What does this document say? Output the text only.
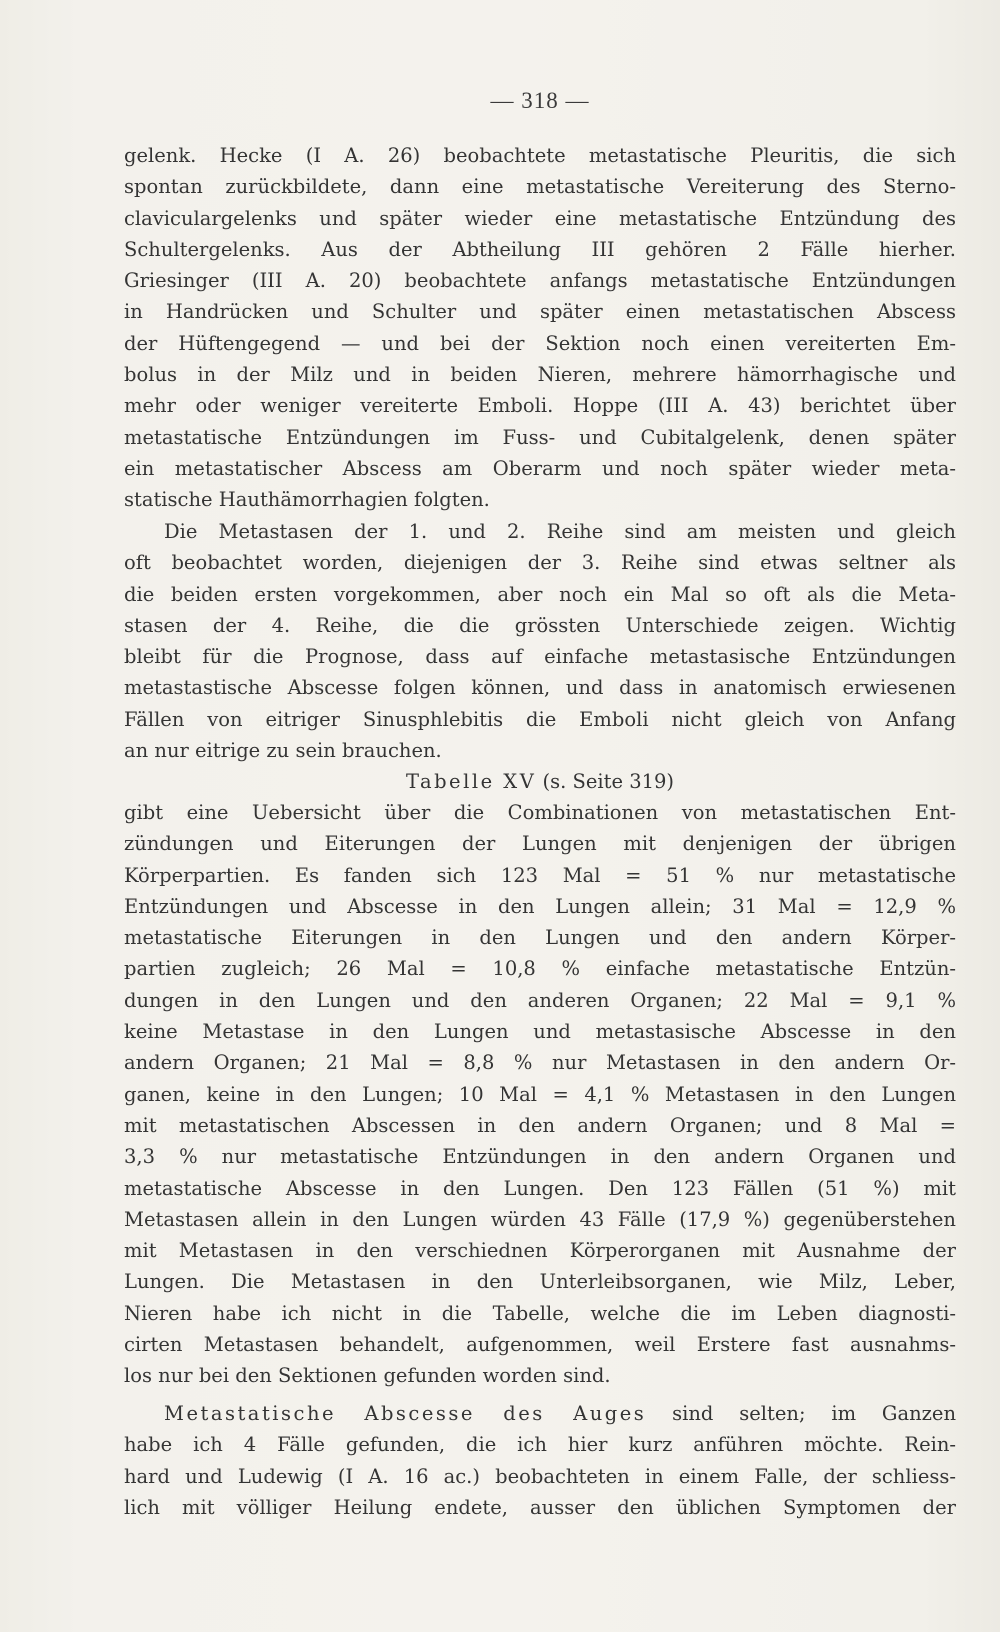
— 318 —
gelenk. Hecke (I A. 26) beobachtete metastatische Pleuritis, die sich
spontan zurückbildete, dann eine metastatische Vereiterung des Sterno-
claviculargelenks und später wieder eine metastatische Entzündung des
Schultergelenks. Aus der Abtheilung III gehören 2 Fälle hierher.
Griesinger (III A. 20) beobachtete anfangs metastatische Entzündungen
in Handrücken und Schulter und später einen metastatischen Abscess
der Hüftengegend — und bei der Sektion noch einen vereiterten Em-
bolus in der Milz und in beiden Nieren, mehrere hämorrhagische und
mehr oder weniger vereiterte Emboli. Hoppe (III A. 43) berichtet über
metastatische Entzündungen im Fuss- und Cubitalgelenk, denen später
ein metastatischer Abscess am Oberarm und noch später wieder meta-
statische Hauthämorrhagien folgten.
Die Metastasen der 1. und 2. Reihe sind am meisten und gleich
oft beobachtet worden, diejenigen der 3. Reihe sind etwas seltner als
die beiden ersten vorgekommen, aber noch ein Mal so oft als die Meta-
stasen der 4. Reihe, die die grössten Unterschiede zeigen. Wichtig
bleibt für die Prognose, dass auf einfache metastasische Entzündungen
metastastische Abscesse folgen können, und dass in anatomisch erwiesenen
Fällen von eitriger Sinusphlebitis die Emboli nicht gleich von Anfang
an nur eitrige zu sein brauchen.
Tabelle XV (s. Seite 319)
gibt eine Uebersicht über die Combinationen von metastatischen Ent-
zündungen und Eiterungen der Lungen mit denjenigen der übrigen
Körperpartien. Es fanden sich 123 Mal = 51 % nur metastatische
Entzündungen und Abscesse in den Lungen allein; 31 Mal = 12,9 %
metastatische Eiterungen in den Lungen und den andern Körper-
partien zugleich; 26 Mal = 10,8 % einfache metastatische Entzün-
dungen in den Lungen und den anderen Organen; 22 Mal = 9,1 %
keine Metastase in den Lungen und metastasische Abscesse in den
andern Organen; 21 Mal = 8,8 % nur Metastasen in den andern Or-
ganen, keine in den Lungen; 10 Mal = 4,1 % Metastasen in den Lungen
mit metastatischen Abscessen in den andern Organen; und 8 Mal =
3,3 % nur metastatische Entzündungen in den andern Organen und
metastatische Abscesse in den Lungen. Den 123 Fällen (51 %) mit
Metastasen allein in den Lungen würden 43 Fälle (17,9 %) gegenüberstehen
mit Metastasen in den verschiednen Körperorganen mit Ausnahme der
Lungen. Die Metastasen in den Unterleibsorganen, wie Milz, Leber,
Nieren habe ich nicht in die Tabelle, welche die im Leben diagnosti-
cirten Metastasen behandelt, aufgenommen, weil Erstere fast ausnahms-
los nur bei den Sektionen gefunden worden sind.
Metastatische Abscesse des Auges sind selten; im Ganzen
habe ich 4 Fälle gefunden, die ich hier kurz anführen möchte. Rein-
hard und Ludewig (I A. 16 ac.) beobachteten in einem Falle, der schliess-
lich mit völliger Heilung endete, ausser den üblichen Symptomen der
